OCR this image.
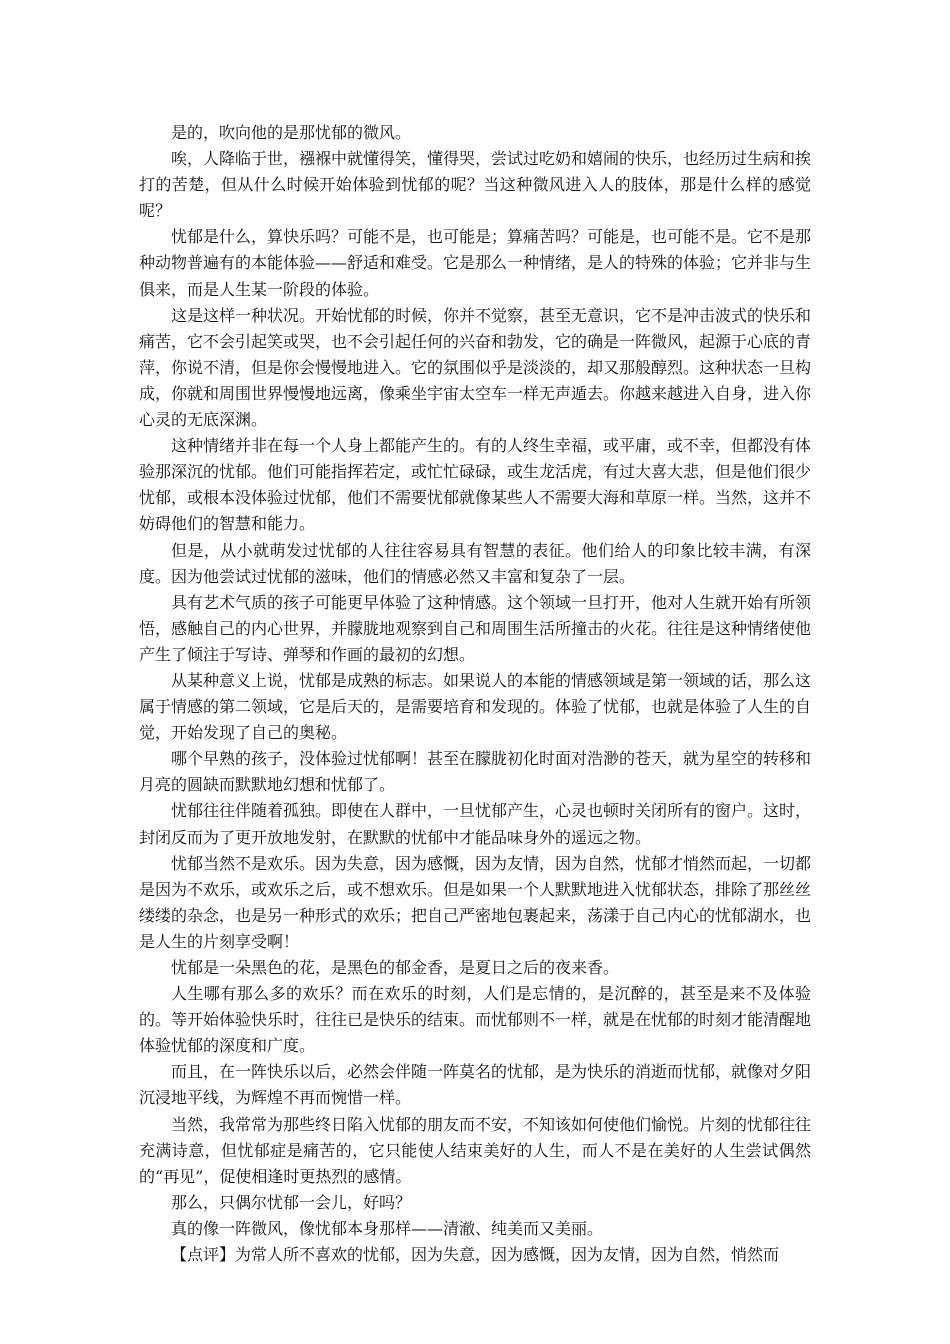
是的，吹向他的是那忧郁的微风。

唉，人降临于世，襁褓中就懂得笑，懂得哭，尝试过吃奶和嬉闹的快乐，也经历过生病和挨打的苦楚，但从什么时候开始体验到忧郁的呢？当这种微风进入人的肢体，那是什么样的感觉呢？

忧郁是什么，算快乐吗？可能不是，也可能是；算痛苦吗？可能是，也可能不是。它不是那种动物普遍有的本能体验——舒适和难受。它是那么一种情绪，是人的特殊的体验；它并非与生俱来，而是人生某一阶段的体验。

这是这样一种状况。开始忧郁的时候，你并不觉察，甚至无意识，它不是冲击波式的快乐和痛苦，它不会引起笑或哭，也不会引起任何的兴奋和勃发，它的确是一阵微风，起源于心底的青萍，你说不清，但是你会慢慢地进入。它的氛围似乎是淡淡的，却又那般醇烈。这种状态一旦构成，你就和周围世界慢慢地远离，像乘坐宇宙太空车一样无声遁去。你越来越进入自身，进入你心灵的无底深渊。

这种情绪并非在每一个人身上都能产生的。有的人终生幸福，或平庸，或不幸，但都没有体验那深沉的忧郁。他们可能指挥若定，或忙忙碌碌，或生龙活虎，有过大喜大悲，但是他们很少忧郁，或根本没体验过忧郁，他们不需要忧郁就像某些人不需要大海和草原一样。当然，这并不妨碍他们的智慧和能力。

但是，从小就萌发过忧郁的人往往容易具有智慧的表征。他们给人的印象比较丰满，有深度。因为他尝试过忧郁的滋味，他们的情感必然又丰富和复杂了一层。

具有艺术气质的孩子可能更早体验了这种情感。这个领域一旦打开，他对人生就开始有所领悟，感触自己的内心世界，并朦胧地观察到自己和周围生活所撞击的火花。往往是这种情绪使他产生了倾注于写诗、弹琴和作画的最初的幻想。

从某种意义上说，忧郁是成熟的标志。如果说人的本能的情感领域是第一领域的话，那么这属于情感的第二领域，它是后天的，是需要培育和发现的。体验了忧郁，也就是体验了人生的自觉，开始发现了自己的奥秘。

哪个早熟的孩子，没体验过忧郁啊！甚至在朦胧初化时面对浩渺的苍天，就为星空的转移和月亮的圆缺而默默地幻想和忧郁了。

忧郁往往伴随着孤独。即使在人群中，一旦忧郁产生，心灵也顿时关闭所有的窗户。这时，封闭反而为了更开放地发射，在默默的忧郁中才能品味身外的遥远之物。

忧郁当然不是欢乐。因为失意，因为感慨，因为友情，因为自然，忧郁才悄然而起，一切都是因为不欢乐，或欢乐之后，或不想欢乐。但是如果一个人默默地进入忧郁状态，排除了那丝丝缕缕的杂念，也是另一种形式的欢乐；把自己严密地包裹起来，荡漾于自己内心的忧郁湖水，也是人生的片刻享受啊！

忧郁是一朵黑色的花，是黑色的郁金香，是夏日之后的夜来香。

人生哪有那么多的欢乐？而在欢乐的时刻，人们是忘情的，是沉醉的，甚至是来不及体验的。等开始体验快乐时，往往已是快乐的结束。而忧郁则不一样，就是在忧郁的时刻才能清醒地体验忧郁的深度和广度。

而且，在一阵快乐以后，必然会伴随一阵莫名的忧郁，是为快乐的消逝而忧郁，就像对夕阳沉浸地平线，为辉煌不再而惋惜一样。

当然，我常常为那些终日陷入忧郁的朋友而不安，不知该如何使他们愉悦。片刻的忧郁往往充满诗意，但忧郁症是痛苦的，它只能使人结束美好的人生，而人不是在美好的人生尝试偶然的“再见”，促使相逢时更热烈的感情。

那么，只偶尔忧郁一会儿，好吗？

真的像一阵微风，像忧郁本身那样——清澈、纯美而又美丽。

【点评】为常人所不喜欢的忧郁，因为失意，因为感慨，因为友情，因为自然，悄然而
